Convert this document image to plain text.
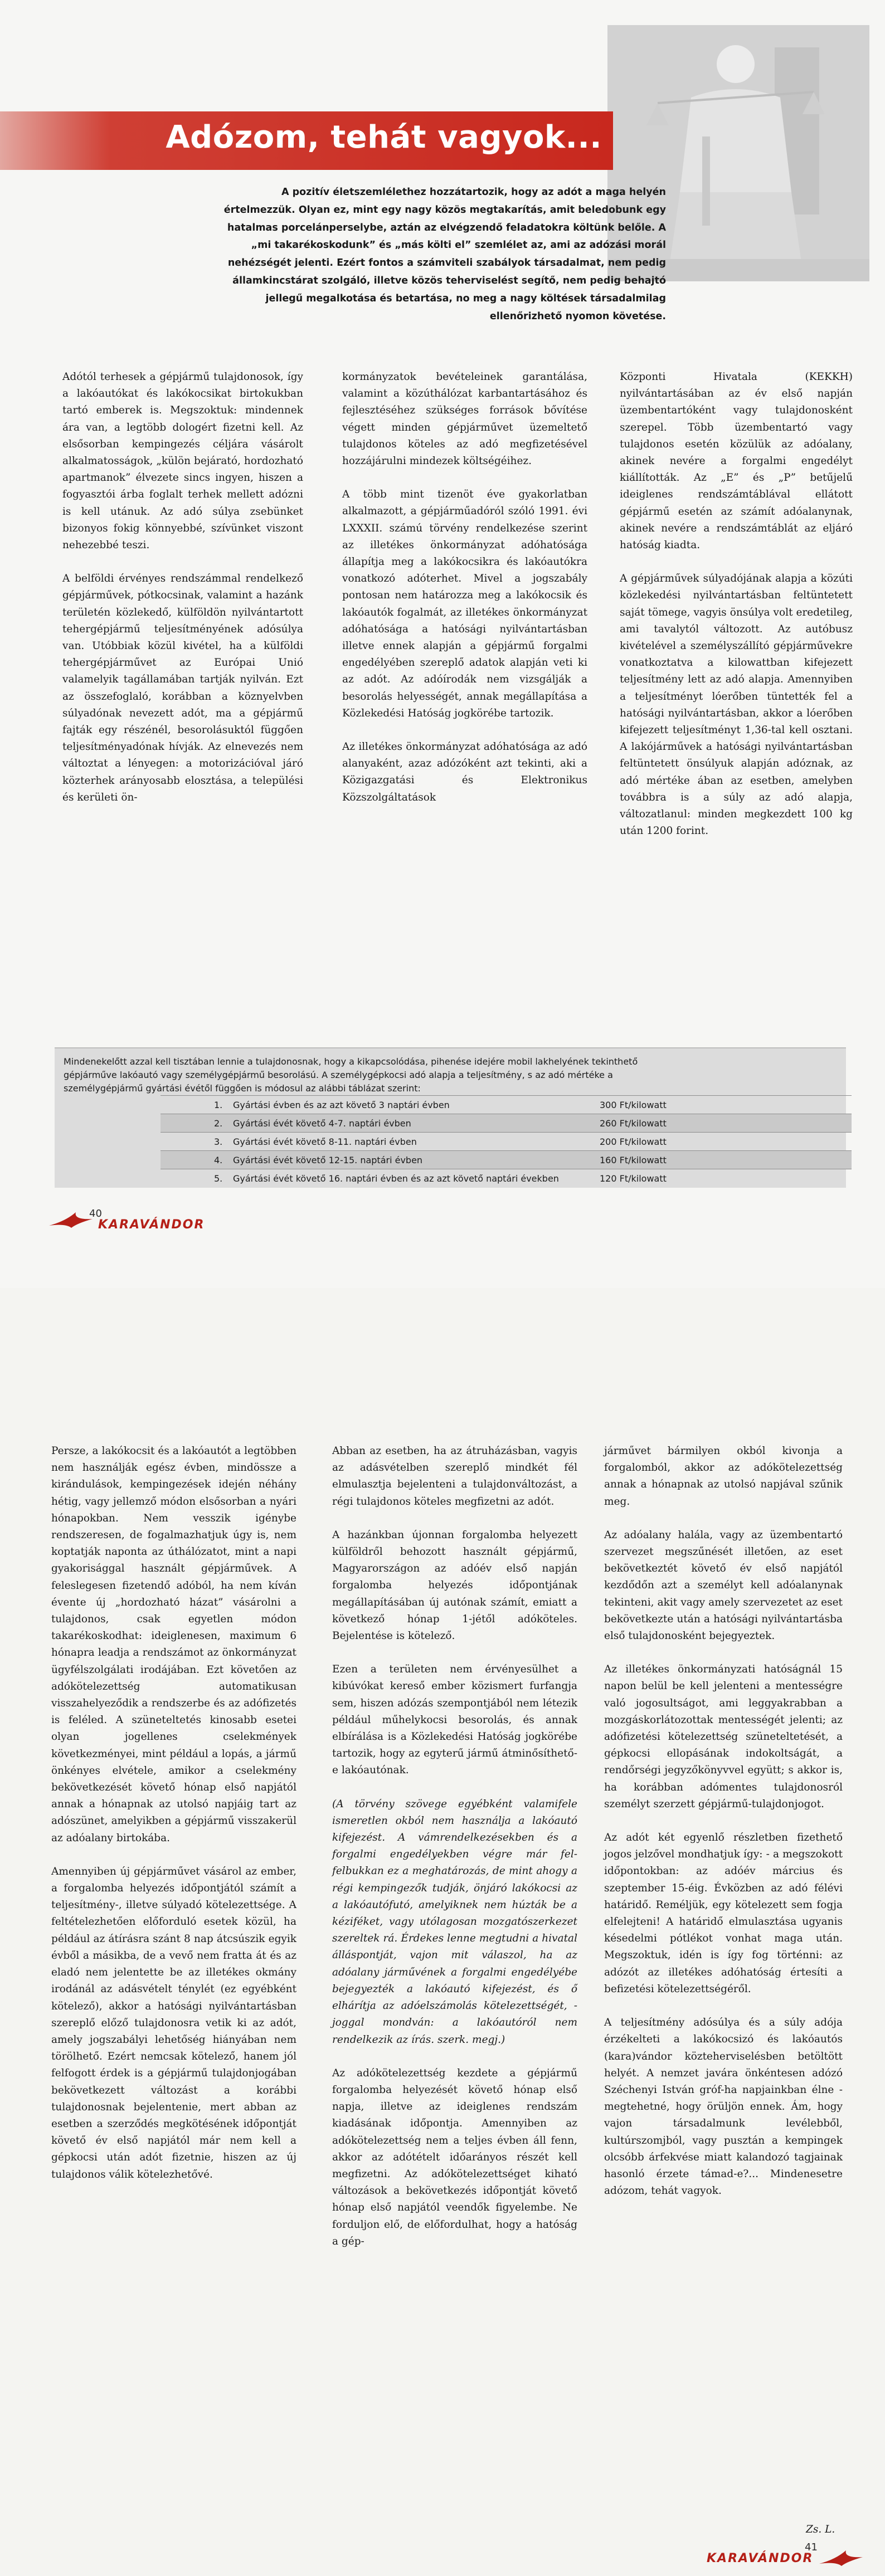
Adózom, tehát vagyok...

A pozitív életszemlélethez hozzátartozik, hogy az adót a maga helyén

értelmezzük. Olyan ez, mint egy nagy közös megtakarítás, amit beledobunk egy

hatalmas porcelánperselybe, aztán az elvégzendő feladatokra költünk belőle. A

„mi takarékoskodunk” és „más költi el” szemlélet az, ami az adózási morál

nehézségét jelenti. Ezért fontos a számviteli szabályok társadalmat, nem pedig

államkincstárat szolgáló, illetve közös teherviselést segítő, nem pedig behajtó

jellegű megalkotása és betartása, no meg a nagy költések társadalmilag

ellenőrizhető nyomon követése.

Adótól terhesek a gépjármű tulajdonosok, így a lakóautókat és lakókocsikat birtokukban tartó emberek is. Megszoktuk: mindennek ára van, a legtöbb dologért fizetni kell. Az elsősorban kempingezés céljára vásárolt alkalmatosságok, „külön bejárató, hordozható apartmanok” élvezete sincs ingyen, hiszen a fogyasztói árba foglalt terhek mellett adózni is kell utánuk. Az adó súlya zsebünket bizonyos fokig könnyebbé, szívünket viszont nehezebbé teszi.

A belföldi érvényes rendszámmal rendelkező gépjárművek, pótkocsinak, valamint a hazánk területén közlekedő, külföldön nyilvántartott tehergépjármű teljesítményének adósúlya van. Utóbbiak közül kivétel, ha a külföldi tehergépjárművet az Európai Unió valamelyik tagállamában tartják nyilván. Ezt az összefoglaló, korábban a köznyelvben súlyadónak nevezett adót, ma a gépjármű fajták egy részénél, besorolásuktól függően teljesítményadónak hívják. Az elnevezés nem változtat a lényegen: a motorizációval járó közterhek arányosabb elosztása, a települési és kerületi ön-

kormányzatok bevételeinek garantálása, valamint a közúthálózat karbantartásához és fejlesztéséhez szükséges források bővítése végett minden gépjárművet üzemeltető tulajdonos köteles az adó megfizetésével hozzájárulni mindezek költségéihez.

A több mint tizenöt éve gyakorlatban alkalmazott, a gépjárműadóról szóló 1991. évi LXXXII. számú törvény rendelkezése szerint az illetékes önkormányzat adóhatósága állapítja meg a lakókocsikra és lakóautókra vonatkozó adóterhet. Mivel a jogszabály pontosan nem határozza meg a lakókocsik és lakóautók fogalmát, az illetékes önkormányzat adóhatósága a hatósági nyilvántartásban illetve ennek alapján a gépjármű forgalmi engedélyében szereplő adatok alapján veti ki az adót. Az adóírodák nem vizsgálják a besorolás helyességét, annak megállapítása a Közlekedési Hatóság jogkörébe tartozik.

Az illetékes önkormányzat adóhatósága az adó alanyaként, azaz adózóként azt tekinti, aki a Közigazgatási és Elektronikus Közszolgáltatások

Központi Hivatala (KEKKH) nyilvántartásában az év első napján üzembentartóként vagy tulajdonosként szerepel. Több üzembentartó vagy tulajdonos esetén közülük az adóalany, akinek nevére a forgalmi engedélyt kiállították. Az „E” és „P” betűjelű ideiglenes rendszámtáblával ellátott gépjármű esetén az számít adóalanynak, akinek nevére a rendszámtáblát az eljáró hatóság kiadta.

A gépjárművek súlyadójának alapja a közúti közlekedési nyilvántartásban feltüntetett saját tömege, vagyis önsúlya volt eredetileg, ami tavalytól változott. Az autóbusz kivételével a személyszállító gépjárművekre vonatkoztatva a kilowattban kifejezett teljesítmény lett az adó alapja. Amennyiben a teljesítményt lóerőben tüntették fel a hatósági nyilvántartásban, akkor a lóerőben kifejezett teljesítményt 1,36-tal kell osztani. A lakójárművek a hatósági nyilvántartásban feltüntetett önsúlyuk alapján adóznak, az adó mértéke ában az esetben, amelyben továbbra is a súly az adó alapja, változatlanul: minden megkezdett 100 kg után 1200 forint.

Mindenekelőtt azzal kell tisztában lennie a tulajdonosnak, hogy a kikapcsolódása, pihenése idejére mobil lakhelyének tekinthető

gépjárműve lakóautó vagy személygépjármű besorolású. A személygépkocsi adó alapja a teljesítmény, s az adó mértéke a

személygépjármű gyártási évétől függően is módosul az alábbi táblázat szerint:

1. Gyártási évben és az azt követő 3 naptári évben	300 Ft/kilowatt
2. Gyártási évét követő 4-7. naptári évben	260 Ft/kilowatt
3. Gyártási évét követő 8-11. naptári évben	200 Ft/kilowatt
4. Gyártási évét követő 12-15. naptári évben	160 Ft/kilowatt
5. Gyártási évét követő 16. naptári évben és az azt követő naptári években	120 Ft/kilowatt
40
KARAVÁNDOR

Persze, a lakókocsit és a lakóautót a legtöbben nem használják egész évben, mindössze a kirándulások, kempingezések idején néhány hétig, vagy jellemző módon elsősorban a nyári hónapokban. Nem vesszik igénybe rendszeresen, de fogalmazhatjuk úgy is, nem koptatják naponta az úthálózatot, mint a napi gyakorisággal használt gépjárművek. A feleslegesen fizetendő adóból, ha nem kíván évente új „hordozható házat” vásárolni a tulajdonos, csak egyetlen módon takarékoskodhat: ideiglenesen, maximum 6 hónapra leadja a rendszámot az önkormányzat ügyfélszolgálati irodájában. Ezt követően az adókötelezettség automatikusan visszahelyeződik a rendszerbe és az adófizetés is feléled. A szüneteltetés kinosabb esetei olyan jogellenes cselekmények következményei, mint például a lopás, a jármű önkényes elvétele, amikor a cselekmény bekövetkezését követő hónap első napjától annak a hónapnak az utolsó napjáig tart az adószünet, amelyikben a gépjármű visszakerül az adóalany birtokába.

Amennyiben új gépjárművet vásárol az ember, a forgalomba helyezés időpontjától számít a teljesítmény-, illetve súlyadó kötelezettsége. A feltételezhetően előforduló esetek közül, ha például az átírásra szánt 8 nap átcsúszik egyik évből a másikba, de a vevő nem fratta át és az eladó nem jelentette be az illetékes okmány irodánál az adásvételt ténylét (ez egyébként kötelező), akkor a hatósági nyilvántartásban szereplő előző tulajdonosra vetik ki az adót, amely jogszabályi lehetőség hiányában nem törölhető. Ezért nemcsak kötelező, hanem jól felfogott érdek is a gépjármű tulajdonjogában bekövetkezett változást a korábbi tulajdonosnak bejelentenie, mert abban az esetben a szerződés megkötésének időpontját követő év első napjától már nem kell a gépkocsi után adót fizetnie, hiszen az új tulajdonos válik kötelezhetővé.

Abban az esetben, ha az átruházásban, vagyis az adásvételben szereplő mindkét fél elmulasztja bejelenteni a tulajdonváltozást, a régi tulajdonos köteles megfizetni az adót.

A hazánkban újonnan forgalomba helyezett külföldről behozott használt gépjármű, Magyarországon az adóév első napján forgalomba helyezés időpontjának megállapításában új autónak számít, emiatt a következő hónap 1-jétől adóköteles. Bejelentése is kötelező.

Ezen a területen nem érvényesülhet a kibúvókat kereső ember közismert furfangja sem, hiszen adózás szempontjából nem létezik például műhelykocsi besorolás, és annak elbírálása is a Közlekedési Hatóság jogkörébe tartozik, hogy az egyterű jármű átminősíthető-e lakóautónak.

(A törvény szövege egyébként valamifele ismeretlen okból nem használja a lakóautó kifejezést. A vámrendelkezésekben és a forgalmi engedélyekben végre már fel-felbukkan ez a meghatározás, de mint ahogy a régi kempingezők tudják, önjáró lakókocsi az a lakóautófutó, amelyiknek nem húzták be a kéziféket, vagy utólagosan mozgatószerkezet szereltek rá. Érdekes lenne megtudni a hivatal álláspontját, vajon mit válaszol, ha az adóalany járművének a forgalmi engedélyébe bejegyezték a lakóautó kifejezést, és ő elhárítja az adóelszámolás kötelezettségét, - joggal mondván: a lakóautóról nem rendelkezik az írás. szerk. megj.)

Az adókötelezettség kezdete a gépjármű forgalomba helyezését követő hónap első napja, illetve az ideiglenes rendszám kiadásának időpontja. Amennyiben az adókötelezettség nem a teljes évben áll fenn, akkor az adótételt időarányos részét kell megfizetni. Az adókötelezettséget kiható változások a bekövetkezés időpontját követő hónap első napjától veendők figyelembe. Ne forduljon elő, de előfordulhat, hogy a hatóság a gép-

járművet bármilyen okból kivonja a forgalomból, akkor az adókötelezettség annak a hónapnak az utolsó napjával szűnik meg.

Az adóalany halála, vagy az üzembentartó szervezet megszűnését illetően, az eset bekövetkeztét követő év első napjától kezdődőn azt a személyt kell adóalanynak tekinteni, akit vagy amely szervezetet az eset bekövetkezte után a hatósági nyilvántartásba első tulajdonosként bejegyeztek.

Az illetékes önkormányzati hatóságnál 15 napon belül be kell jelenteni a mentességre való jogosultságot, ami leggyakrabban a mozgáskorlátozottak mentességét jelenti; az adófizetési kötelezettség szüneteltetését, a gépkocsi ellopásának indokoltságát, a rendőrségi jegyzőkönyvvel együtt; s akkor is, ha korábban adómentes tulajdonosról személyt szerzett gépjármű-tulajdonjogot.

Az adót két egyenlő részletben fizethető jogos jelzővel mondhatjuk így: - a megszokott időpontokban: az adóév március és szeptember 15-éig. Évközben az adó félévi határidő. Reméljük, egy kötelezett sem fogja elfelejteni! A határidő elmulasztása ugyanis késedelmi pótlékot vonhat maga után. Megszoktuk, idén is így fog történni: az adózót az illetékes adóhatóság értesíti a befizetési kötelezettségéről.

A teljesítmény adósúlya és a súly adója érzékelteti a lakókocsizó és lakóautós (kara)vándor közteherviselésben betöltött helyét. A nemzet javára önkéntesen adózó Széchenyi István gróf-ha napjainkban élne - megtehetné, hogy örüljön ennek. Ám, hogy vajon társadalmunk levélebből, kultúrszomjból, vagy pusztán a kempingek olcsóbb árfekvése miatt kalandozó tagjainak hasonló érzete támad-e?... Mindenesetre adózom, tehát vagyok.

Zs. L.
KARAVÁNDOR
41
